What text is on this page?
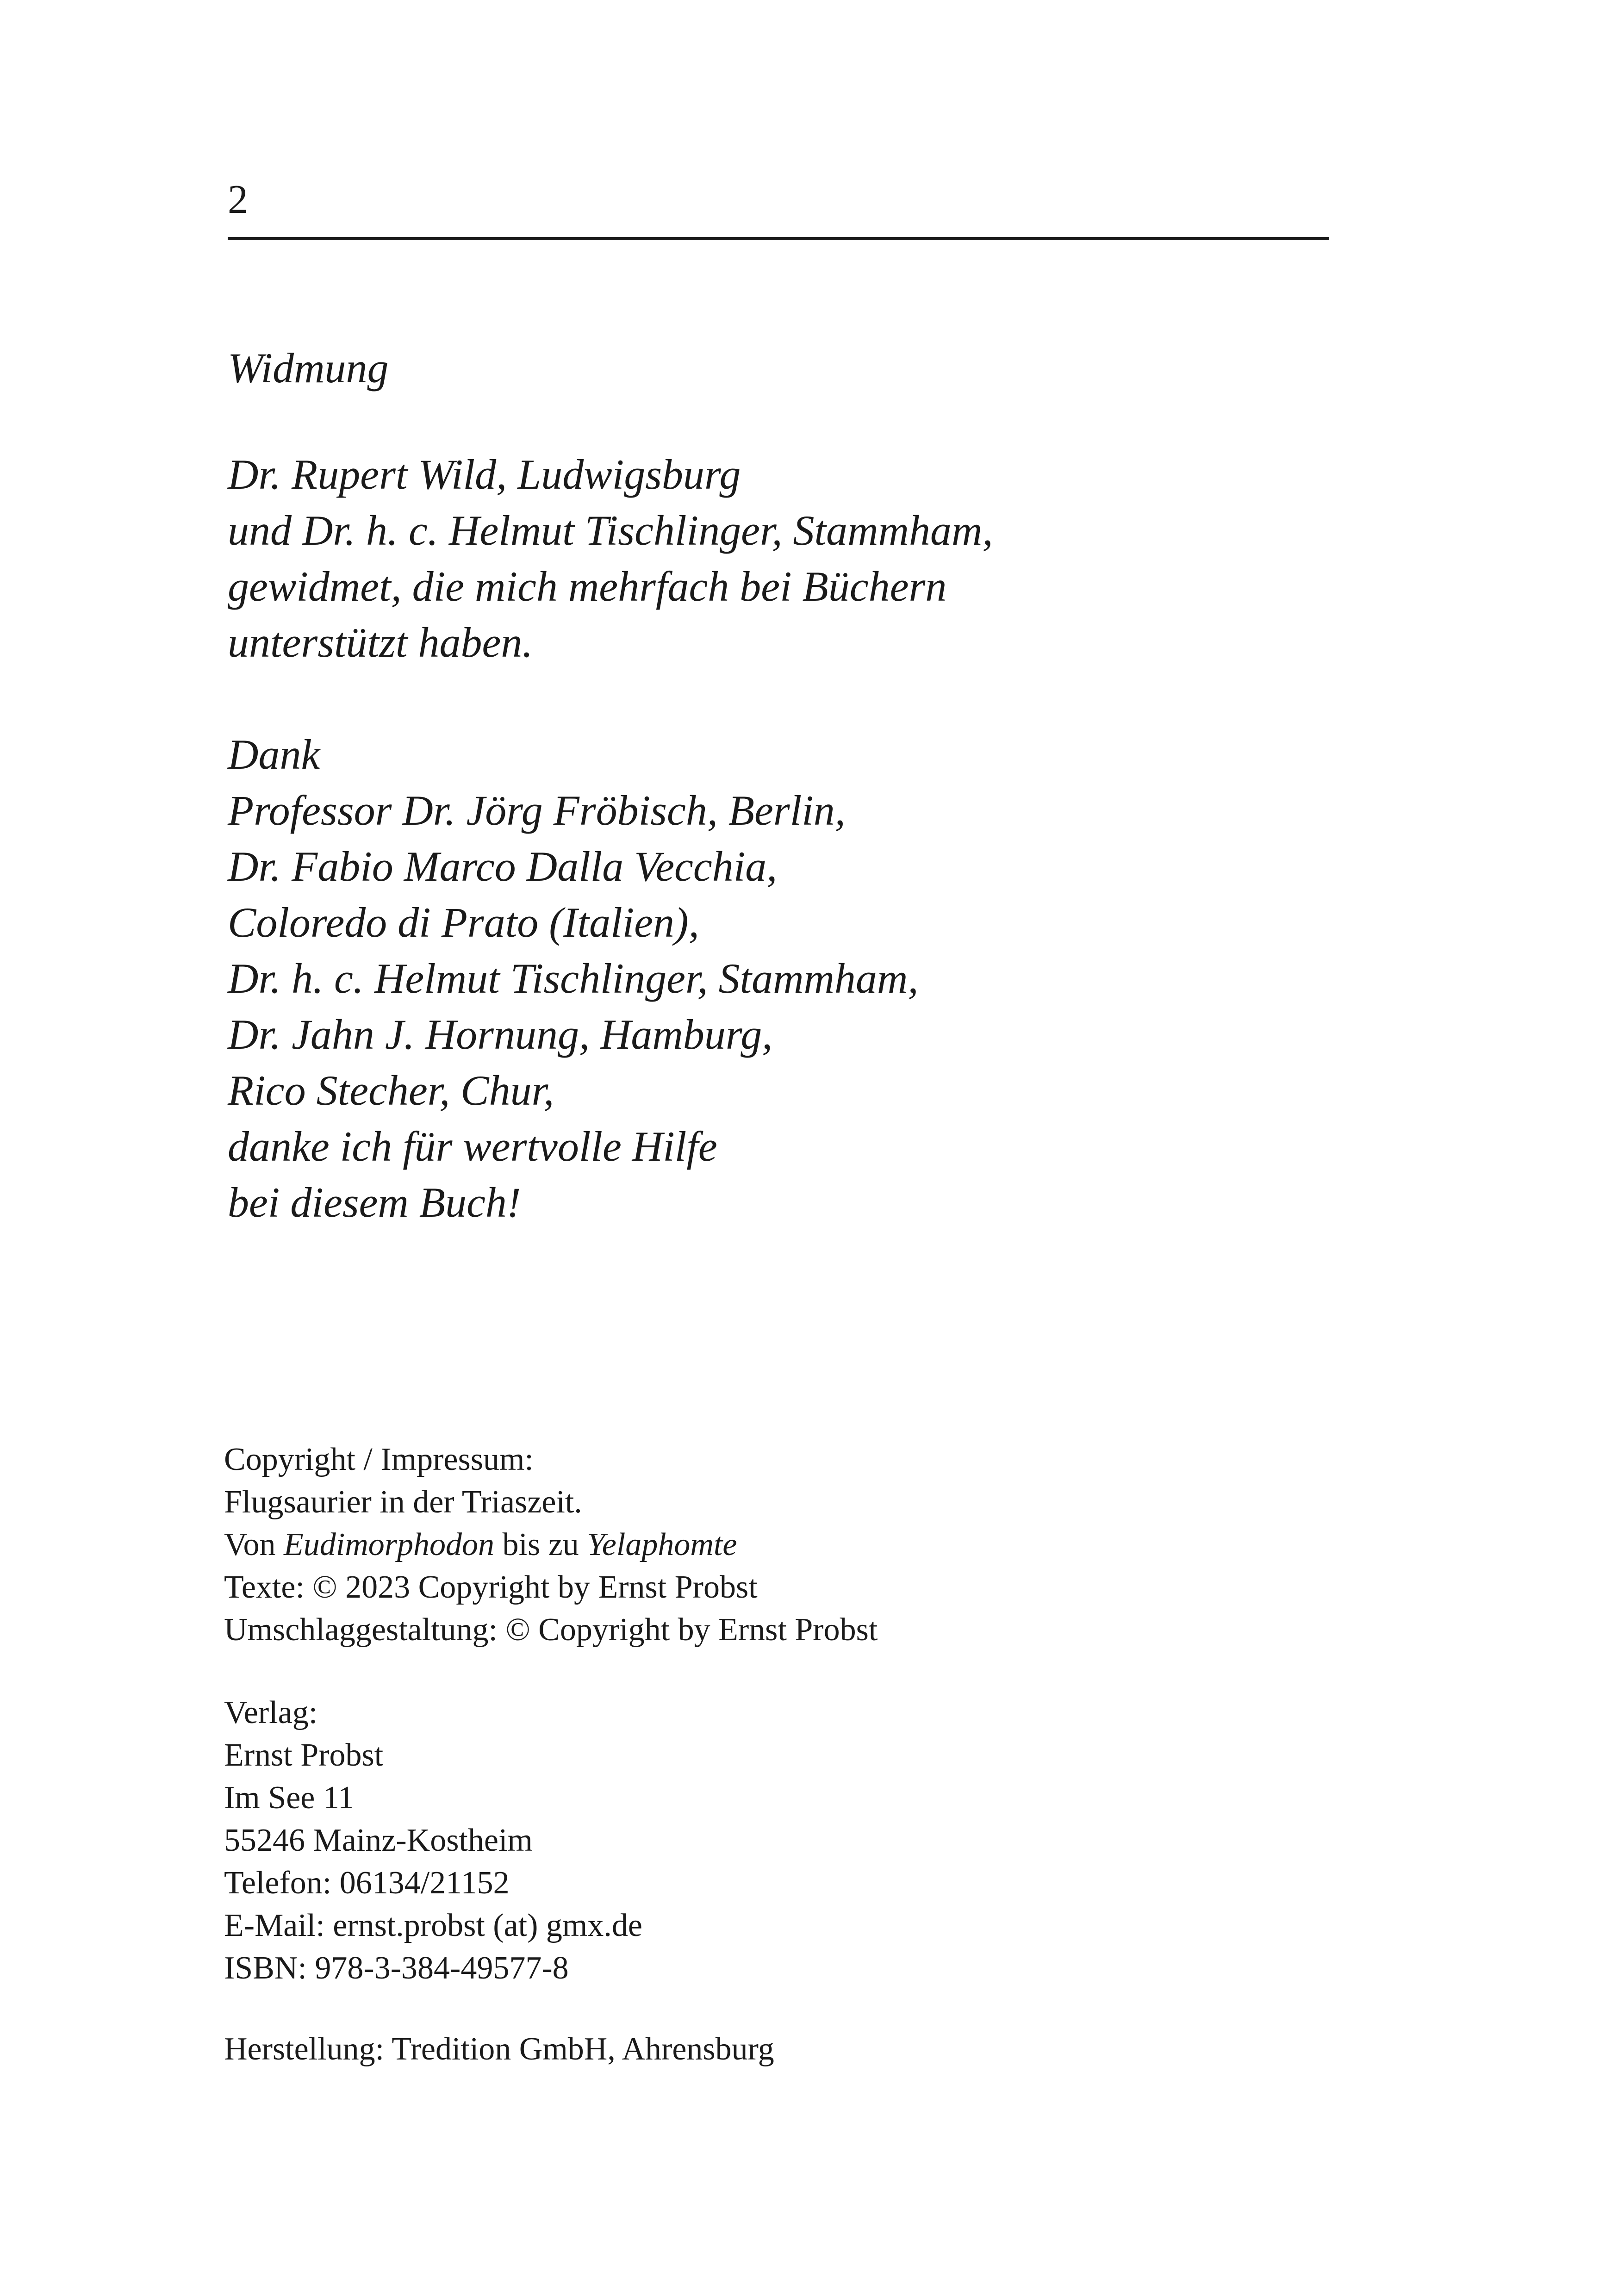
2
Widmung
Dr. Rupert Wild, Ludwigsburg
und Dr. h. c. Helmut Tischlinger, Stammham,
gewidmet, die mich mehrfach bei Büchern
unterstützt haben.
Dank
Professor Dr. Jörg Fröbisch, Berlin,
Dr. Fabio Marco Dalla Vecchia,
Coloredo di Prato (Italien),
Dr. h. c. Helmut Tischlinger, Stammham,
Dr. Jahn J. Hornung, Hamburg,
Rico Stecher, Chur,
danke ich für wertvolle Hilfe
bei diesem Buch!
Copyright / Impressum:
Flugsaurier in der Triaszeit.
Von Eudimorphodon bis zu Yelaphomte
Texte: © 2023 Copyright by Ernst Probst
Umschlaggestaltung: © Copyright by Ernst Probst
Verlag:
Ernst Probst
Im See 11
55246 Mainz-Kostheim
Telefon: 06134/21152
E-Mail: ernst.probst (at) gmx.de
ISBN: 978-3-384-49577-8
Herstellung: Tredition GmbH, Ahrensburg
